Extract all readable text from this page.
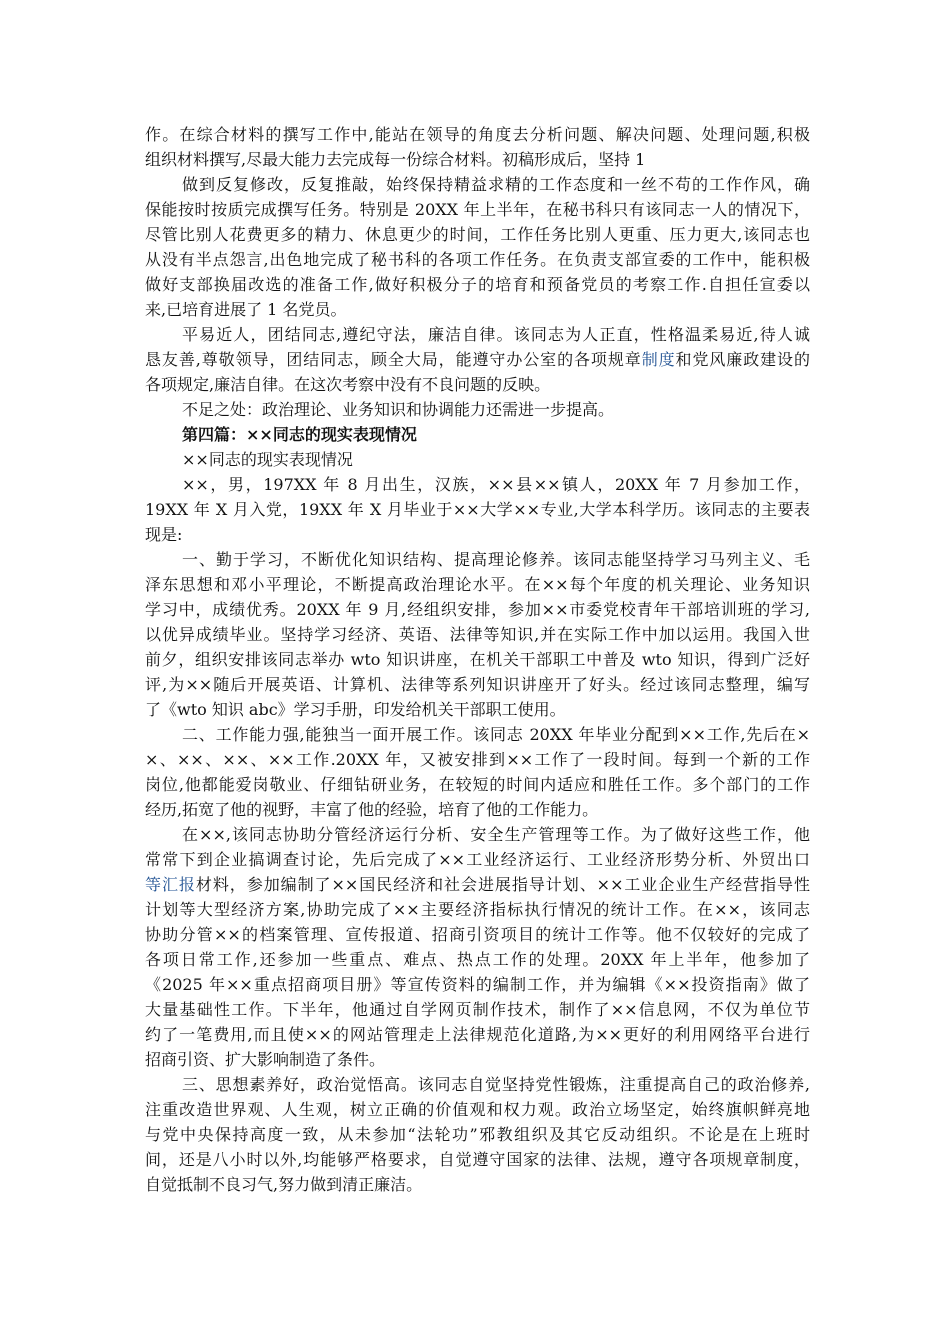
作。在综合材料的撰写工作中,能站在领导的角度去分析问题、解决问题、处理问题,积极
组织材料撰写,尽最大能力去完成每一份综合材料。初稿形成后，坚持 1
做到反复修改，反复推敲，始终保持精益求精的工作态度和一丝不苟的工作作风，确
保能按时按质完成撰写任务。特别是 20XX 年上半年，在秘书科只有该同志一人的情况下，
尽管比别人花费更多的精力、休息更少的时间，工作任务比别人更重、压力更大,该同志也
从没有半点怨言,出色地完成了秘书科的各项工作任务。在负责支部宣委的工作中，能积极
做好支部换届改选的准备工作,做好积极分子的培育和预备党员的考察工作.自担任宣委以
来,已培育进展了 1 名党员。
平易近人，团结同志,遵纪守法，廉洁自律。该同志为人正直，性格温柔易近,待人诚
恳友善,尊敬领导，团结同志，顾全大局，能遵守办公室的各项规章制度和党风廉政建设的
各项规定,廉洁自律。在这次考察中没有不良问题的反映。
不足之处：政治理论、业务知识和协调能力还需进一步提高。
第四篇：××同志的现实表现情况
××同志的现实表现情况
××，男，197XX 年 8 月出生，汉族，××县××镇人，20XX 年 7 月参加工作，
19XX 年 X 月入党，19XX 年 X 月毕业于××大学××专业,大学本科学历。该同志的主要表
现是:
一、勤于学习，不断优化知识结构、提高理论修养。该同志能坚持学习马列主义、毛
泽东思想和邓小平理论，不断提高政治理论水平。在××每个年度的机关理论、业务知识
学习中，成绩优秀。20XX 年 9 月,经组织安排，参加××市委党校青年干部培训班的学习,
以优异成绩毕业。坚持学习经济、英语、法律等知识,并在实际工作中加以运用。我国入世
前夕，组织安排该同志举办 wto 知识讲座，在机关干部职工中普及 wto 知识，得到广泛好
评,为××随后开展英语、计算机、法律等系列知识讲座开了好头。经过该同志整理，编写
了《wto 知识 abc》学习手册，印发给机关干部职工使用。
二、工作能力强,能独当一面开展工作。该同志 20XX 年毕业分配到××工作,先后在×
×、××、××、××工作.20XX 年，又被安排到××工作了一段时间。每到一个新的工作
岗位,他都能爱岗敬业、仔细钻研业务，在较短的时间内适应和胜任工作。多个部门的工作
经历,拓宽了他的视野，丰富了他的经验，培育了他的工作能力。
在××,该同志协助分管经济运行分析、安全生产管理等工作。为了做好这些工作，他
常常下到企业搞调查讨论，先后完成了××工业经济运行、工业经济形势分析、外贸出口
等汇报材料，参加编制了××国民经济和社会进展指导计划、××工业企业生产经营指导性
计划等大型经济方案,协助完成了××主要经济指标执行情况的统计工作。在××，该同志
协助分管××的档案管理、宣传报道、招商引资项目的统计工作等。他不仅较好的完成了
各项日常工作,还参加一些重点、难点、热点工作的处理。20XX 年上半年，他参加了
《2025 年××重点招商项目册》等宣传资料的编制工作，并为编辑《××投资指南》做了
大量基础性工作。下半年，他通过自学网页制作技术，制作了××信息网，不仅为单位节
约了一笔费用,而且使××的网站管理走上法律规范化道路,为××更好的利用网络平台进行
招商引资、扩大影响制造了条件。
三、思想素养好，政治觉悟高。该同志自觉坚持党性锻炼，注重提高自己的政治修养,
注重改造世界观、人生观，树立正确的价值观和权力观。政治立场坚定，始终旗帜鲜亮地
与党中央保持高度一致，从未参加“法轮功”邪教组织及其它反动组织。不论是在上班时
间，还是八小时以外,均能够严格要求，自觉遵守国家的法律、法规，遵守各项规章制度，
自觉抵制不良习气,努力做到清正廉洁。
